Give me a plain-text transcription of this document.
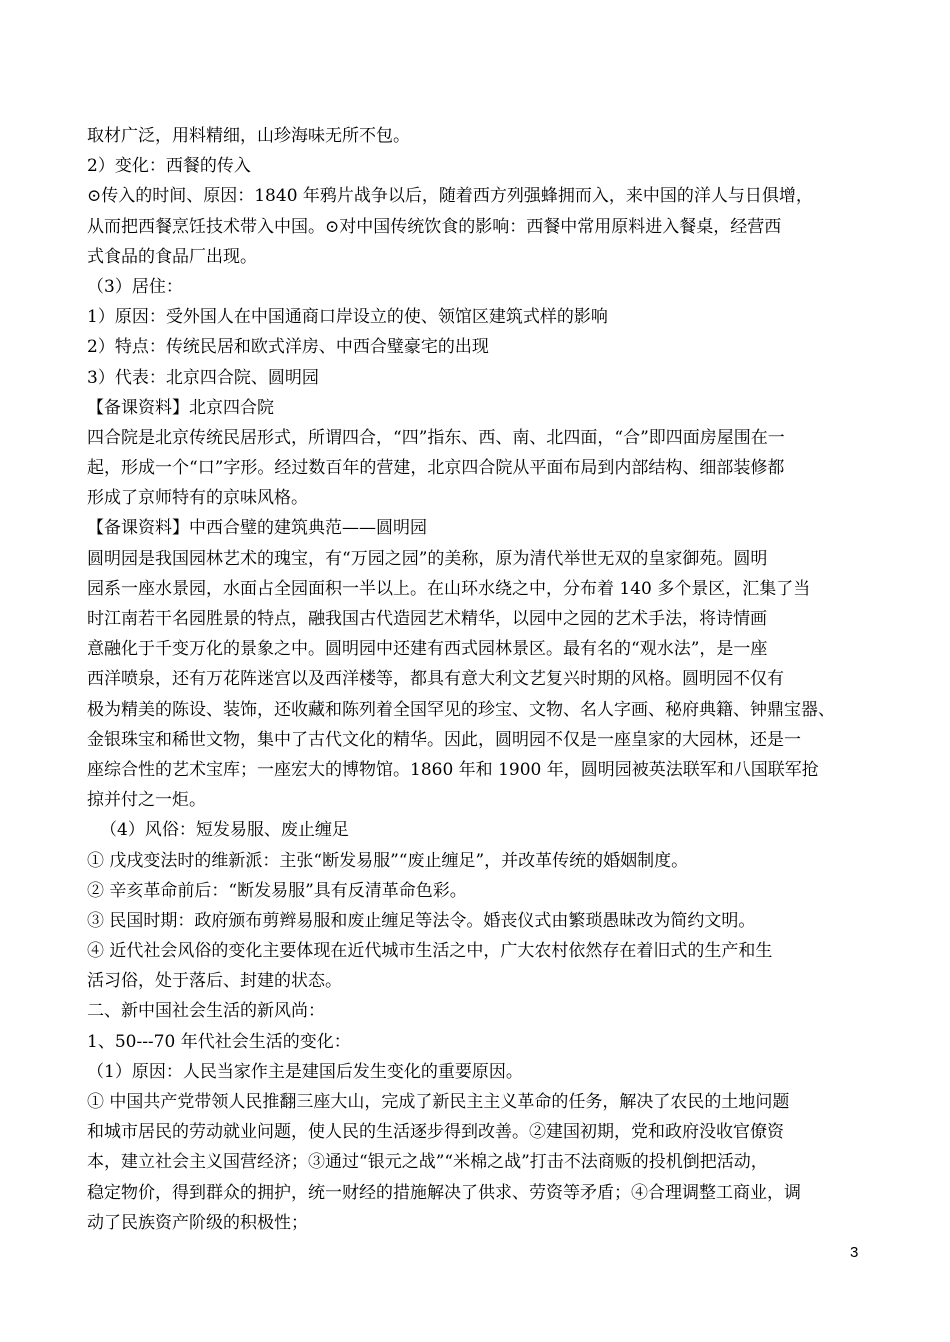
取材广泛，用料精细，山珍海味无所不包。
2）变化：西餐的传入
⊙传入的时间、原因：1840 年鸦片战争以后，随着西方列强蜂拥而入，来中国的洋人与日俱增，
从而把西餐烹饪技术带入中国。⊙对中国传统饮食的影响：西餐中常用原料进入餐桌，经营西
式食品的食品厂出现。
（3）居住：
1）原因：受外国人在中国通商口岸设立的使、领馆区建筑式样的影响
2）特点：传统民居和欧式洋房、中西合璧豪宅的出现
3）代表：北京四合院、圆明园
【备课资料】北京四合院
四合院是北京传统民居形式，所谓四合，“四”指东、西、南、北四面，“合”即四面房屋围在一
起，形成一个“口”字形。经过数百年的营建，北京四合院从平面布局到内部结构、细部装修都
形成了京师特有的京味风格。
【备课资料】中西合璧的建筑典范——圆明园
圆明园是我国园林艺术的瑰宝，有“万园之园”的美称，原为清代举世无双的皇家御苑。圆明
园系一座水景园，水面占全园面积一半以上。在山环水绕之中，分布着 140 多个景区，汇集了当
时江南若干名园胜景的特点，融我国古代造园艺术精华，以园中之园的艺术手法，将诗情画
意融化于千变万化的景象之中。圆明园中还建有西式园林景区。最有名的“观水法”，是一座
西洋喷泉，还有万花阵迷宫以及西洋楼等，都具有意大利文艺复兴时期的风格。圆明园不仅有
极为精美的陈设、装饰，还收藏和陈列着全国罕见的珍宝、文物、名人字画、秘府典籍、钟鼎宝器、
金银珠宝和稀世文物，集中了古代文化的精华。因此，圆明园不仅是一座皇家的大园林，还是一
座综合性的艺术宝库；一座宏大的博物馆。1860 年和 1900 年，圆明园被英法联军和八国联军抢
掠并付之一炬。
（4）风俗：短发易服、废止缠足
① 戊戌变法时的维新派：主张“断发易服”“废止缠足”，并改革传统的婚姻制度。
② 辛亥革命前后：“断发易服”具有反清革命色彩。
③ 民国时期：政府颁布剪辫易服和废止缠足等法令。婚丧仪式由繁琐愚昧改为简约文明。
④ 近代社会风俗的变化主要体现在近代城市生活之中，广大农村依然存在着旧式的生产和生
活习俗，处于落后、封建的状态。
二、新中国社会生活的新风尚：
1、50---70 年代社会生活的变化：
（1）原因：人民当家作主是建国后发生变化的重要原因。
① 中国共产党带领人民推翻三座大山，完成了新民主主义革命的任务，解决了农民的土地问题
和城市居民的劳动就业问题，使人民的生活逐步得到改善。②建国初期，党和政府没收官僚资
本，建立社会主义国营经济；③通过“银元之战”“米棉之战”打击不法商贩的投机倒把活动，
稳定物价，得到群众的拥护，统一财经的措施解决了供求、劳资等矛盾；④合理调整工商业，调
动了民族资产阶级的积极性；
3
